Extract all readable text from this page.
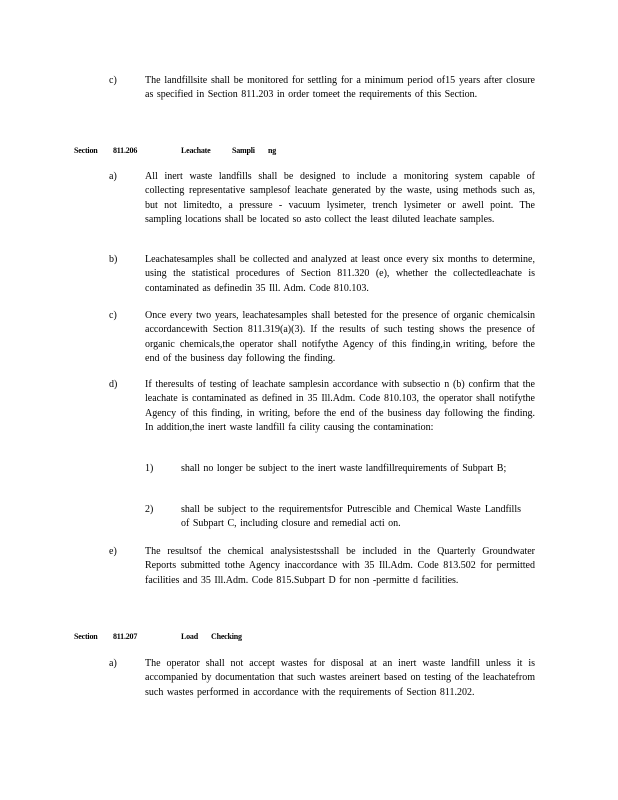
c)	The landfillsite shall be monitored for settling for a minimum period of15 years after closure as specified in Section 811.203 in order tomeet the requirements of this Section.
Section 811.206	Leachate	Sampli ng
a)	All inert waste landfills shall be designed to include a monitoring system capable of collecting representative samplesof leachate generated by the waste, using methods such as, but not limitedto, a pressure - vacuum lysimeter, trench lysimeter or awell point. The sampling locations shall be located so asto collect the least diluted leachate samples.
b)	Leachatesamples shall be collected and analyzed at least once every six months to determine, using the statistical procedures of Section 811.320 (e), whether the collectedleachate is contaminated as definedin 35 Ill. Adm. Code 810.103.
c)	Once every two years, leachatesamples shall betested for the presence of organic chemicalsin accordancewith Section 811.319(a)(3). If the results of such testing shows the presence of organic chemicals,the operator shall notifythe Agency of this finding,in writing, before the end of the business day following the finding.
d)	If theresults of testing of leachate samplesin accordance with subsectio n (b) confirm that the leachate is contaminated as defined in 35 Ill.Adm. Code 810.103, the operator shall notifythe Agency of this finding, in writing, before the end of the business day following the finding. In addition,the inert waste landfill fa cility causing the contamination:
1)	shall no longer be subject to the inert waste landfillrequirements of Subpart B;
2)	shall be subject to the requirementsfor Putrescible and Chemical Waste Landfills of Subpart C, including closure and remedial acti on.
e)	The resultsof the chemical analysistestsshall be included in the Quarterly Groundwater Reports submitted tothe Agency inaccordance with 35 Ill.Adm. Code 813.502 for permitted facilities and 35 Ill.Adm. Code 815.Subpart D for non -permitte d facilities.
Section 811.207	Load Checking
a)	The operator shall not accept wastes for disposal at an inert waste landfill unless it is accompanied by documentation that such wastes areinert based on testing of the leachatefrom such wastes performed in accordance with the requirements of Section 811.202.
